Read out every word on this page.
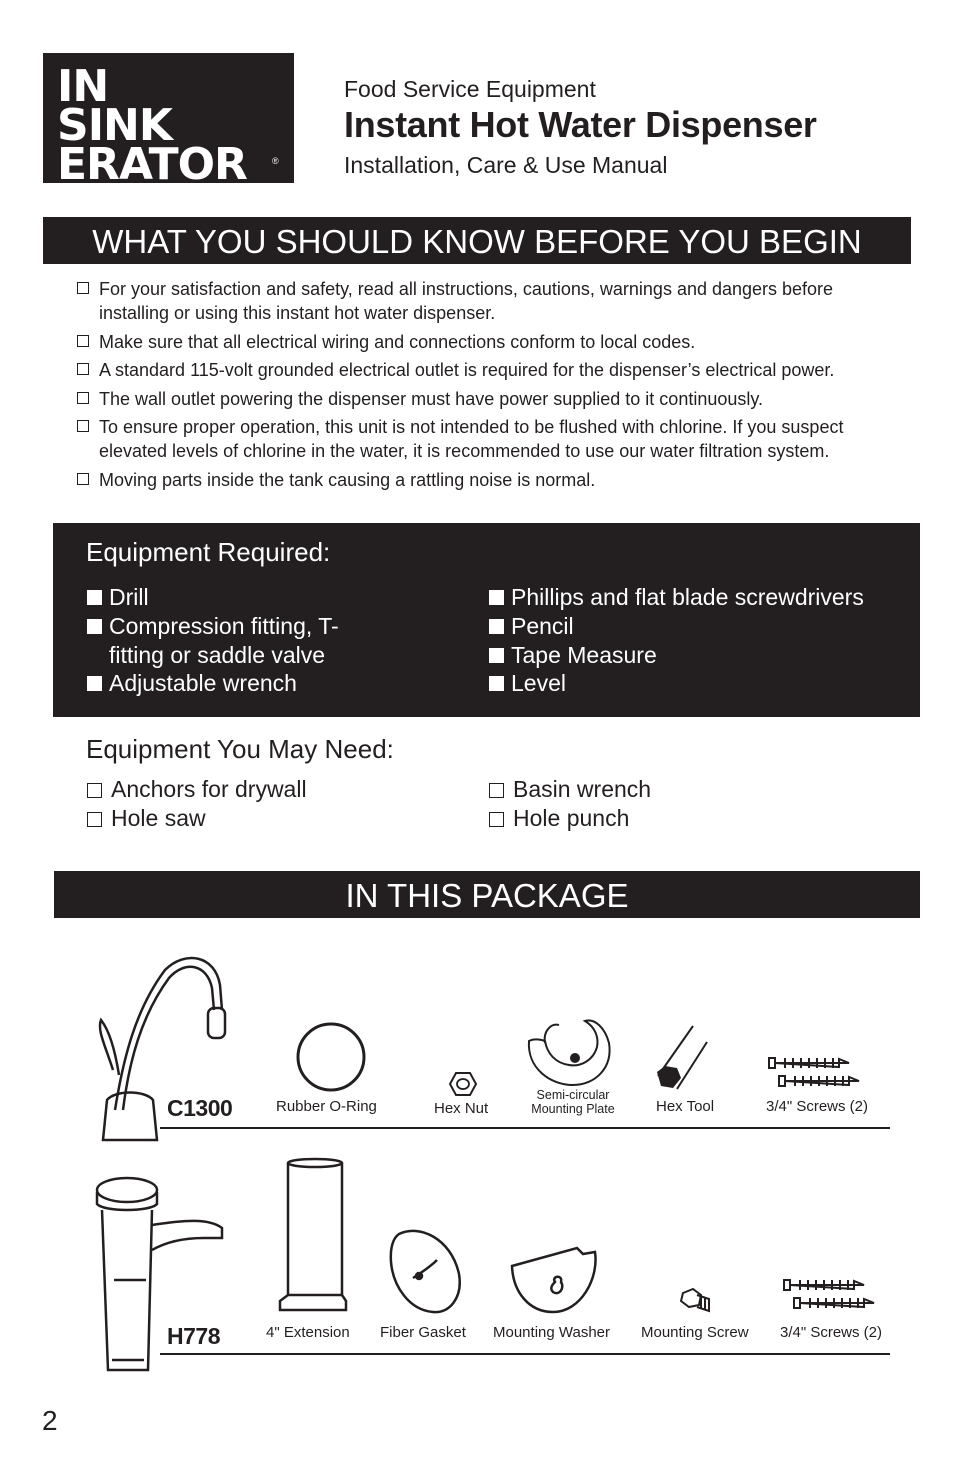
IN
SINK
ERATOR	®
Food Service Equipment
Instant Hot Water Dispenser
Installation, Care & Use Manual
WHAT YOU SHOULD KNOW BEFORE YOU BEGIN
For your satisfaction and safety, read all instructions, cautions, warnings and dangers before installing or using this instant hot water dispenser.
Make sure that all electrical wiring and connections conform to local codes.
A standard 115-volt grounded electrical outlet is required for the dispenser’s electrical power.
The wall outlet powering the dispenser must have power supplied to it continuously.
To ensure proper operation, this unit is not intended to be flushed with chlorine. If you suspect elevated levels of chlorine in the water, it is recommended to use our water filtration system.
Moving parts inside the tank causing a rattling noise is normal.
Equipment Required:
Drill
Compression fitting, T-fitting or saddle valve
Adjustable wrench
Phillips and flat blade screwdrivers
Pencil
Tape Measure
Level
Equipment You May Need:
Anchors for drywall
Hole saw
Basin wrench
Hole punch
IN THIS PACKAGE
C1300	Rubber O-Ring	Hex Nut
Semi-circular Mounting Plate	Hex Tool	3/4" Screws (2)
H778	4" Extension Fiber Gasket Mounting Washer Mounting Screw 3/4" Screws (2)
2
